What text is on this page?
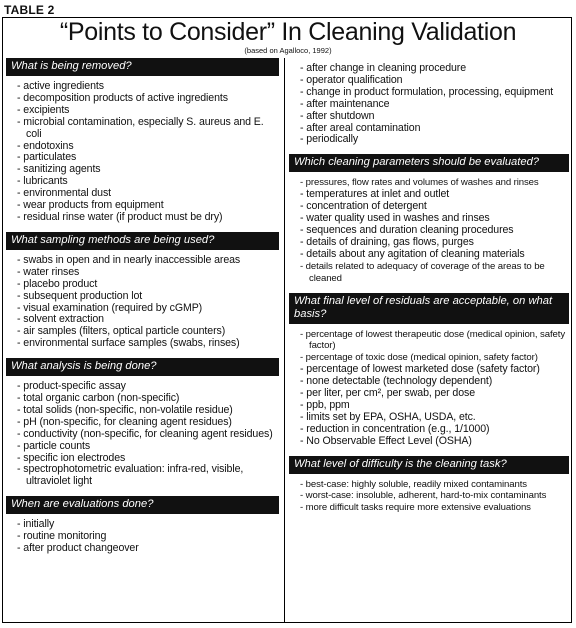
TABLE 2
“Points to Consider” In Cleaning Validation
(based on Agalloco, 1992)
What is being removed?
- active ingredients
- decomposition products of active ingredients
- excipients
- microbial contamination, especially S. aureus and E. coli
- endotoxins
- particulates
- sanitizing agents
- lubricants
- environmental dust
- wear products from equipment
- residual rinse water (if product must be dry)
What sampling methods are being used?
- swabs in open and in nearly inaccessible areas
- water rinses
- placebo product
- subsequent production lot
- visual examination (required by cGMP)
- solvent extraction
- air samples (filters, optical particle counters)
- environmental surface samples (swabs, rinses)
What analysis is being done?
- product-specific assay
- total organic carbon (non-specific)
- total solids (non-specific, non-volatile residue)
- pH (non-specific, for cleaning agent residues)
- conductivity (non-specific, for cleaning agent residues)
- particle counts
- specific ion electrodes
- spectrophotometric evaluation: infra-red, visible, ultraviolet light
When are evaluations done?
- initially
- routine monitoring
- after product changeover
- after change in cleaning procedure
- operator qualification
- change in product formulation, processing, equipment
- after maintenance
- after shutdown
- after areal contamination
- periodically
Which cleaning parameters should be evaluated?
- pressures, flow rates and volumes of washes and rinses
- temperatures at inlet and outlet
- concentration of detergent
- water quality used in washes and rinses
- sequences and duration cleaning procedures
- details of draining, gas flows, purges
- details about any agitation of cleaning materials
- details related to adequacy of coverage of the areas to be cleaned
What final level of residuals are acceptable, on what basis?
- percentage of lowest therapeutic dose (medical opinion, safety factor)
- percentage of toxic dose (medical opinion, safety factor)
- percentage of lowest marketed dose (safety factor)
- none detectable (technology dependent)
- per liter, per cm², per swab, per dose
- ppb, ppm
- limits set by EPA, OSHA, USDA, etc.
- reduction in concentration (e.g., 1/1000)
- No Observable Effect Level (OSHA)
What level of difficulty is the cleaning task?
- best-case: highly soluble, readily mixed contaminants
- worst-case: insoluble, adherent, hard-to-mix contaminants
- more difficult tasks require more extensive evaluations
